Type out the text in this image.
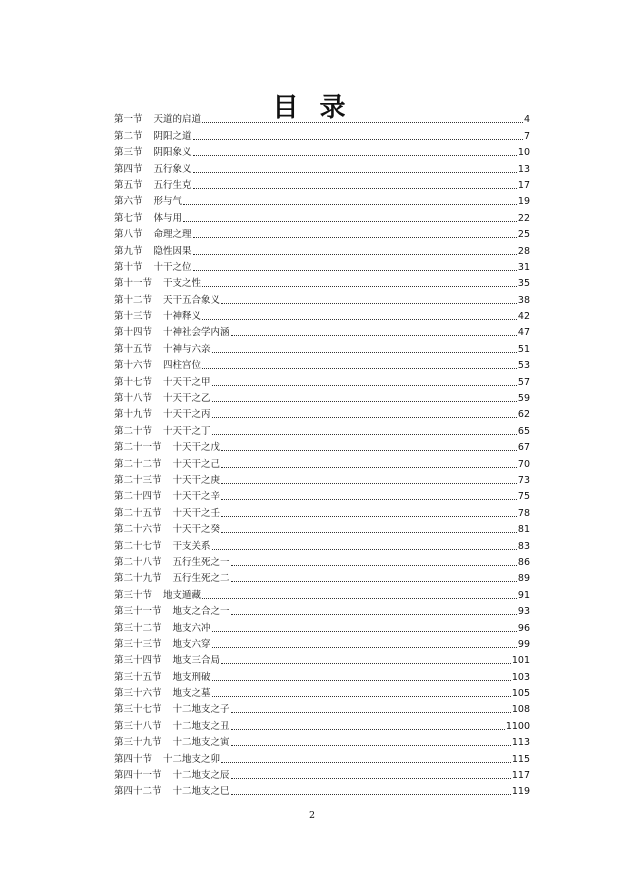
目 录
第一节 天道的启道	4
第二节 阴阳之道	7
第三节 阴阳象义	10
第四节 五行象义	13
第五节 五行生克	17
第六节 形与气	19
第七节 体与用	22
第八节 命理之理	25
第九节 隐性因果	28
第十节 十干之位	31
第十一节 干支之性	35
第十二节 天干五合象义	38
第十三节 十神释义	42
第十四节 十神社会学内涵	47
第十五节 十神与六亲	51
第十六节 四柱宫位	53
第十七节 十天干之甲	57
第十八节 十天干之乙	59
第十九节 十天干之丙	62
第二十节 十天干之丁	65
第二十一节 十天干之戊	67
第二十二节 十天干之己	70
第二十三节 十天干之庚	73
第二十四节 十天干之辛	75
第二十五节 十天干之壬	78
第二十六节 十天干之癸	81
第二十七节 干支关系	83
第二十八节 五行生死之一	86
第二十九节 五行生死之二	89
第三十节 地支遁藏	91
第三十一节 地支之合之一	93
第三十二节 地支六冲	96
第三十三节 地支六穿	99
第三十四节 地支三合局	101
第三十五节 地支刑破	103
第三十六节 地支之墓	105
第三十七节 十二地支之子	108
第三十八节 十二地支之丑	1100
第三十九节 十二地支之寅	113
第四十节 十二地支之卯	115
第四十一节 十二地支之辰	117
第四十二节 十二地支之巳	119
2
